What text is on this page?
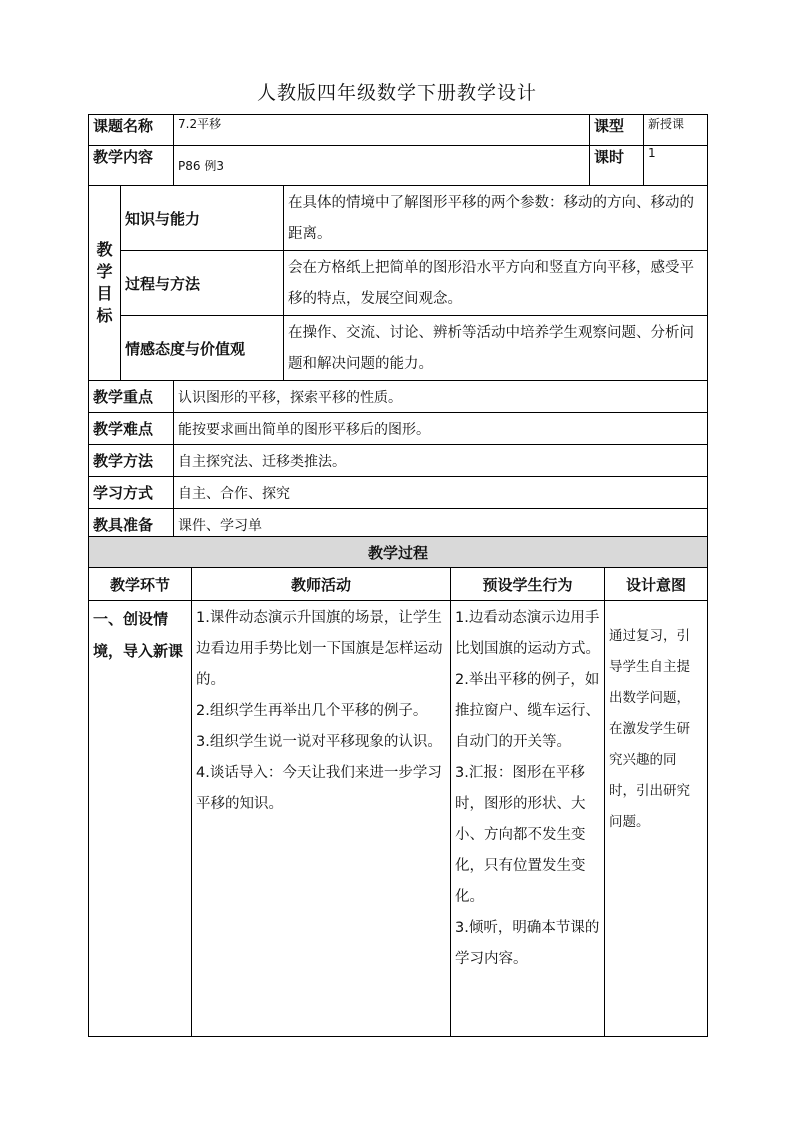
人教版四年级数学下册教学设计
课题名称		7.2平移		课型	新授课
教学内容		P86 例3		课时	1

教
学
目
标	知识与能力		在具体的情境中了解图形平移的两个参数：移动的方向、移动的距离。		
	过程与方法		会在方格纸上把简单的图形沿水平方向和竖直方向平移，感受平移的特点，发展空间观念。		
	情感态度与价值观		在操作、交流、讨论、辨析等活动中培养学生观察问题、分析问题和解决问题的能力。		
教学重点		认识图形的平移，探索平移的性质。			
教学难点		能按要求画出简单的图形平移后的图形。			
教学方法		自主探究法、迁移类推法。			
学习方式		自主、合作、探究			
教具准备		课件、学习单			
教学过程			
教学环节	教师活动	预设学生行为	设计意图
一、创设情境，导入新课	1.课件动态演示升国旗的场景，让学生边看边用手势比划一下国旗是怎样运动的。
2.组织学生再举出几个平移的例子。
3.组织学生说一说对平移现象的认识。
4.谈话导入：今天让我们来进一步学习平移的知识。	1.边看动态演示边用手比划国旗的运动方式。
2.举出平移的例子，如推拉窗户、缆车运行、自动门的开关等。
3.汇报：图形在平移时，图形的形状、大小、方向都不发生变化，只有位置发生变化。
3.倾听，明确本节课的学习内容。	通过复习，引导学生自主提出数学问题，在激发学生研究兴趣的同时，引出研究问题。
